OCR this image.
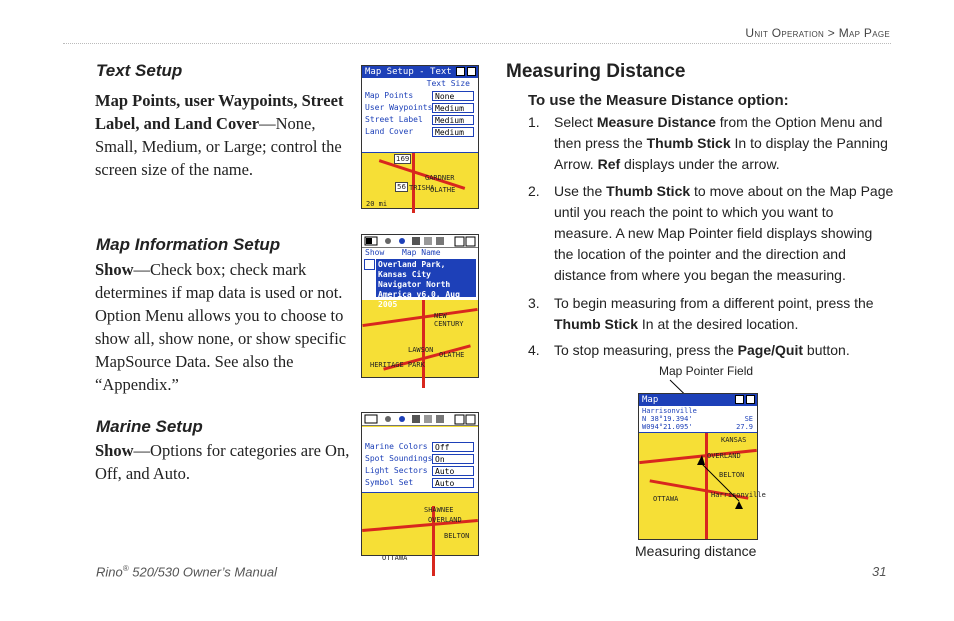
Unit Operation > Map Page
Text Setup
Map Points, user Waypoints, Street Label, and Land Cover—None, Small, Medium, or Large; control the screen size of the name.
Map Information Setup
Show—Check box; check mark determines if map data is used or not. Option Menu allows you to choose to show all, show none, or show specific MapSource Data. See also the “Appendix.”
Marine Setup
Show—Options for categories are On, Off, and Auto.
Map Setup - Text
169
56
GARDNER
OLATHE
TRISHA
20 mi
Text Size
Map Points	None
User Waypoints Medium
Street Label	Medium
Land Cover	Medium
NEW CENTURY
LAWSON
OLATHE
HERITAGE PARK
Show Map Name
Overland Park, Kansas City Navigator North America v6.0, Aug 2005
SHAWNEE
OVERLAND
BELTON
OTTAWA
Marine Colors Off
Spot Soundings On
Light Sectors Auto
Symbol Set	Auto
Measuring Distance
To use the Measure Distance option:
1. Select Measure Distance from the Option Menu and then press the Thumb Stick In to display the Panning Arrow. Ref displays under the arrow.
2. Use the Thumb Stick to move about on the Map Page until you reach the point to which you want to measure. A new Map Pointer field displays showing the location of the pointer and the direction and distance from where you began the measuring.
3. To begin measuring from a different point, press the Thumb Stick In at the desired location.
4. To stop measuring, press the Page/Quit button.
Map Pointer Field
Map
Harrisonville
N 38°19.394'
W094°21.095'
SE
27.9
KANSAS
OVERLAND
BELTON
OTTAWA	Harrisonville
Measuring distance
Rino® 520/530 Owner’s Manual	31
